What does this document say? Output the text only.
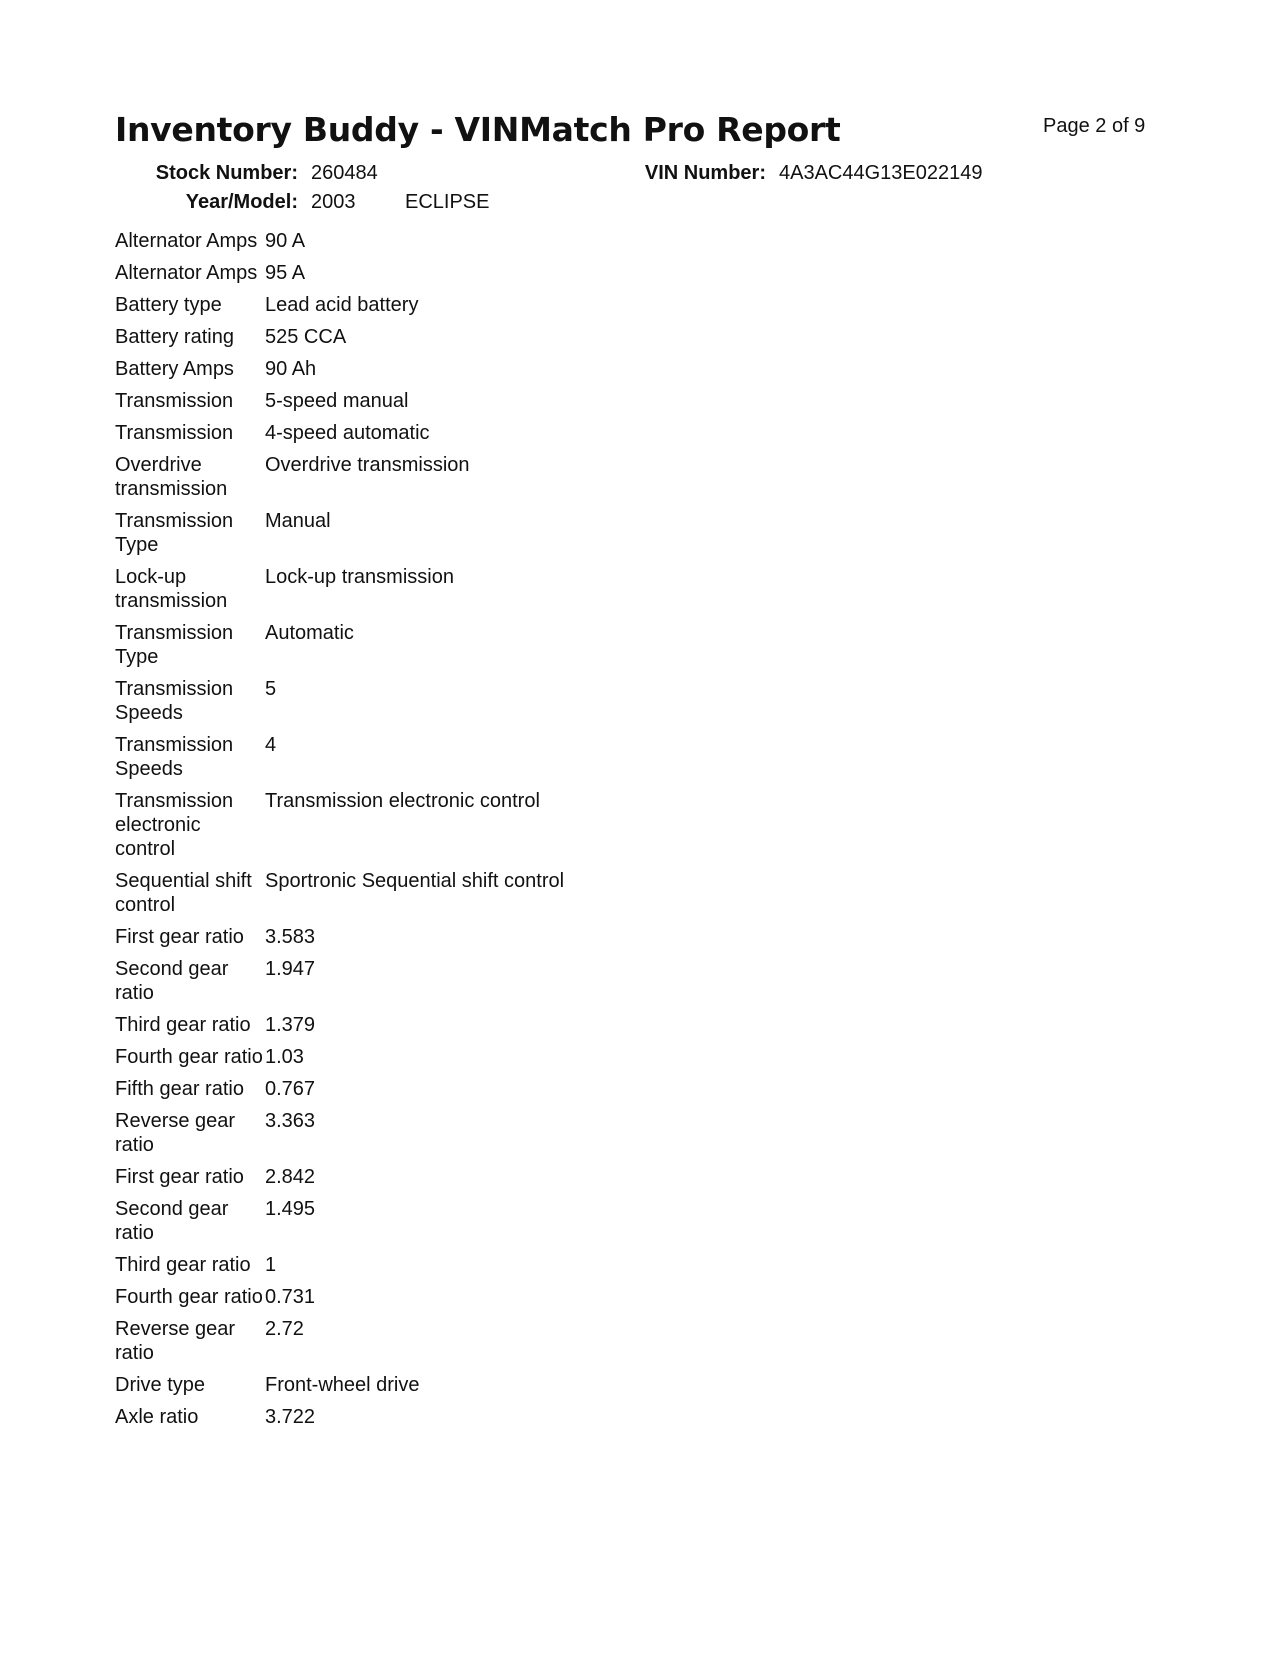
Inventory Buddy - VINMatch Pro Report	Page 2 of 9
Stock Number: 260484
Year/Model: 2003 ECLIPSE
VIN Number: 4A3AC44G13E022149
Alternator Amps	90 A
Alternator Amps	95 A
Battery type	Lead acid battery
Battery rating	525 CCA
Battery Amps	90 Ah
Transmission	5-speed manual
Transmission	4-speed automatic
Overdrive transmission	Overdrive transmission
Transmission Type	Manual
Lock-up transmission	Lock-up transmission
Transmission Type	Automatic
Transmission Speeds	5
Transmission Speeds	4
Transmission electronic control	Transmission electronic control
Sequential shift control	Sportronic Sequential shift control
First gear ratio	3.583
Second gear ratio	1.947
Third gear ratio	1.379
Fourth gear ratio	1.03
Fifth gear ratio	0.767
Reverse gear ratio	3.363
First gear ratio	2.842
Second gear ratio	1.495
Third gear ratio	1
Fourth gear ratio	0.731
Reverse gear ratio	2.72
Drive type	Front-wheel drive
Axle ratio	3.722
